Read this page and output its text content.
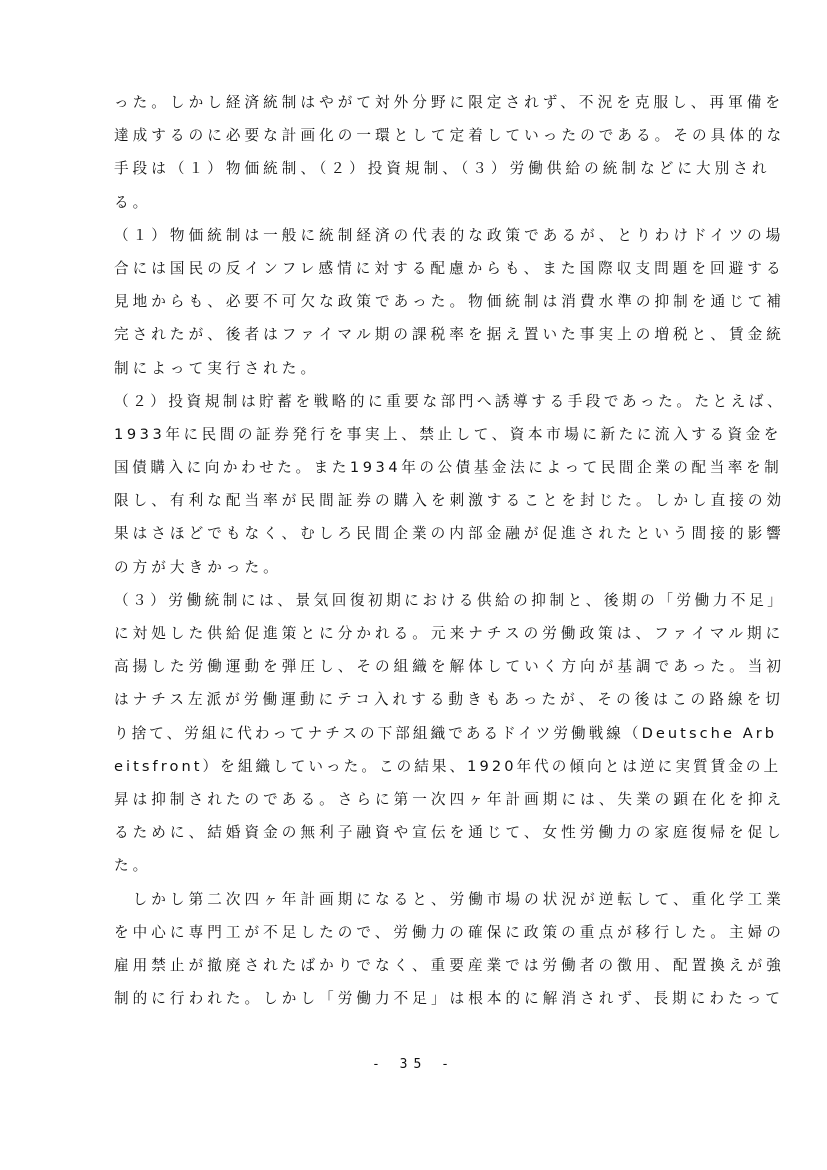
った。しかし経済統制はやがて対外分野に限定されず、不況を克服し、再軍備を
達成するのに必要な計画化の一環として定着していったのである。その具体的な
手段は（１）物価統制、（２）投資規制、（３）労働供給の統制などに大別され
る。
（１）物価統制は一般に統制経済の代表的な政策であるが、とりわけドイツの場
合には国民の反インフレ感情に対する配慮からも、また国際収支問題を回避する
見地からも、必要不可欠な政策であった。物価統制は消費水準の抑制を通じて補
完されたが、後者はファイマル期の課税率を据え置いた事実上の増税と、賃金統
制によって実行された。
（２）投資規制は貯蓄を戦略的に重要な部門へ誘導する手段であった。たとえば、
1933年に民間の証券発行を事実上、禁止して、資本市場に新たに流入する資金を
国債購入に向かわせた。また1934年の公債基金法によって民間企業の配当率を制
限し、有利な配当率が民間証券の購入を刺激することを封じた。しかし直接の効
果はさほどでもなく、むしろ民間企業の内部金融が促進されたという間接的影響
の方が大きかった。
（３）労働統制には、景気回復初期における供給の抑制と、後期の「労働力不足」
に対処した供給促進策とに分かれる。元来ナチスの労働政策は、ファイマル期に
高揚した労働運動を弾圧し、その組織を解体していく方向が基調であった。当初
はナチス左派が労働運動にテコ入れする動きもあったが、その後はこの路線を切
り捨て、労組に代わってナチスの下部組織であるドイツ労働戦線（Deutsche Arb
eitsfront）を組織していった。この結果、1920年代の傾向とは逆に実質賃金の上
昇は抑制されたのである。さらに第一次四ヶ年計画期には、失業の顕在化を抑え
るために、結婚資金の無利子融資や宣伝を通じて、女性労働力の家庭復帰を促し
た。
　しかし第二次四ヶ年計画期になると、労働市場の状況が逆転して、重化学工業
を中心に専門工が不足したので、労働力の確保に政策の重点が移行した。主婦の
雇用禁止が撤廃されたばかりでなく、重要産業では労働者の徴用、配置換えが強
制的に行われた。しかし「労働力不足」は根本的に解消されず、長期にわたって
- 35 -
